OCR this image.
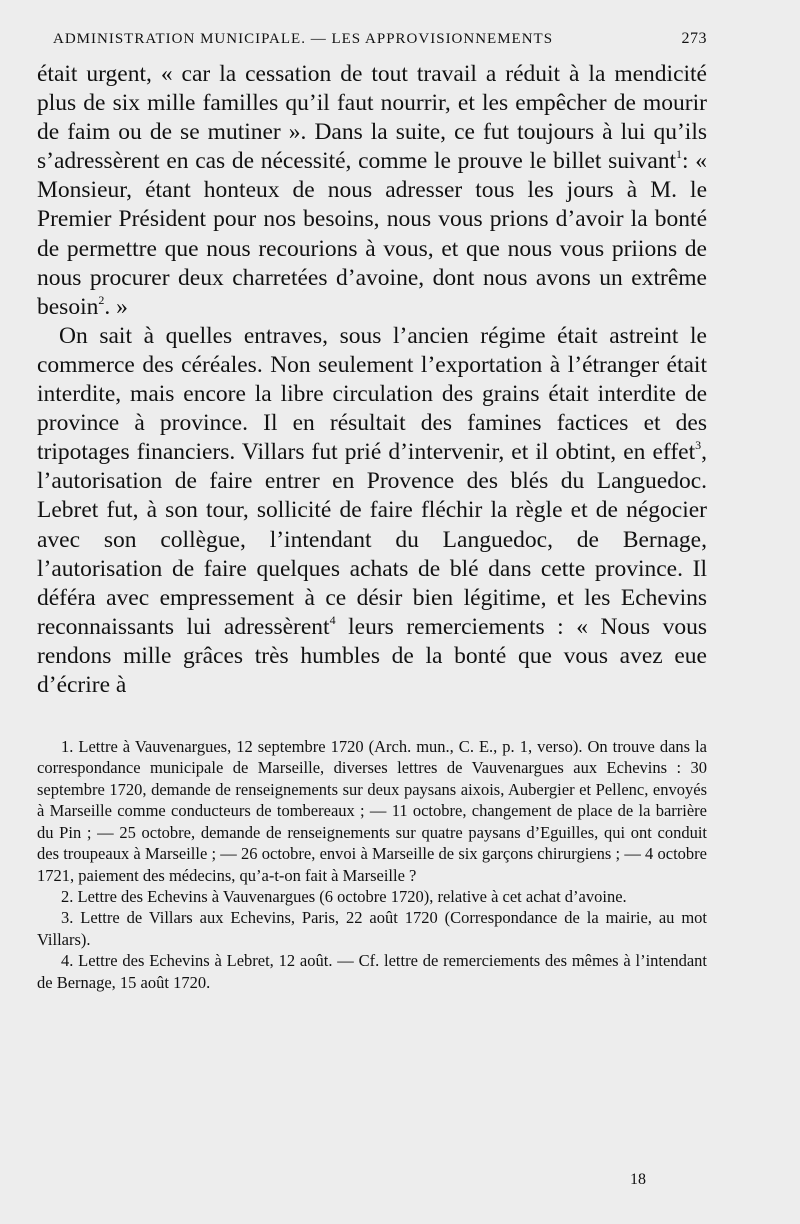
ADMINISTRATION MUNICIPALE. — LES APPROVISIONNEMENTS	273

était urgent, « car la cessation de tout travail a réduit à la mendicité plus de six mille familles qu’il faut nourrir, et les empêcher de mourir de faim ou de se mutiner ». Dans la suite, ce fut toujours à lui qu’ils s’adressèrent en cas de nécessité, comme le prouve le billet suivant$^1$: « Monsieur, étant honteux de nous adresser tous les jours à M. le Premier Président pour nos besoins, nous vous prions d’avoir la bonté de permettre que nous recourions à vous, et que nous vous priions de nous procurer deux charretées d’avoine, dont nous avons un extrême besoin$^2$. »

On sait à quelles entraves, sous l’ancien régime était astreint le commerce des céréales. Non seulement l’exportation à l’étranger était interdite, mais encore la libre circulation des grains était interdite de province à province. Il en résultait des famines factices et des tripotages financiers. Villars fut prié d’intervenir, et il obtint, en effet$^3$, l’autorisation de faire entrer en Provence des blés du Languedoc. Lebret fut, à son tour, sollicité de faire fléchir la règle et de négocier avec son collègue, l’intendant du Languedoc, de Bernage, l’autorisation de faire quelques achats de blé dans cette province. Il déféra avec empressement à ce désir bien légitime, et les Echevins reconnaissants lui adressèrent$^4$ leurs remerciements : « Nous vous rendons mille grâces très humbles de la bonté que vous avez eue d’écrire à

1. Lettre à Vauvenargues, 12 septembre 1720 (Arch. mun., C. E., p. 1, verso). On trouve dans la correspondance municipale de Marseille, diverses lettres de Vauvenargues aux Echevins : 30 septembre 1720, demande de renseignements sur deux paysans aixois, Aubergier et Pellenc, envoyés à Marseille comme conducteurs de tombereaux ; — 11 octobre, changement de place de la barrière du Pin ; — 25 octobre, demande de renseignements sur quatre paysans d’Eguilles, qui ont conduit des troupeaux à Marseille ; — 26 octobre, envoi à Marseille de six garçons chirurgiens ; — 4 octobre 1721, paiement des médecins, qu’a-t-on fait à Marseille ?

2. Lettre des Echevins à Vauvenargues (6 octobre 1720), relative à cet achat d’avoine.

3. Lettre de Villars aux Echevins, Paris, 22 août 1720 (Correspondance de la mairie, au mot Villars).

4. Lettre des Echevins à Lebret, 12 août. — Cf. lettre de remerciements des mêmes à l’intendant de Bernage, 15 août 1720.

18
